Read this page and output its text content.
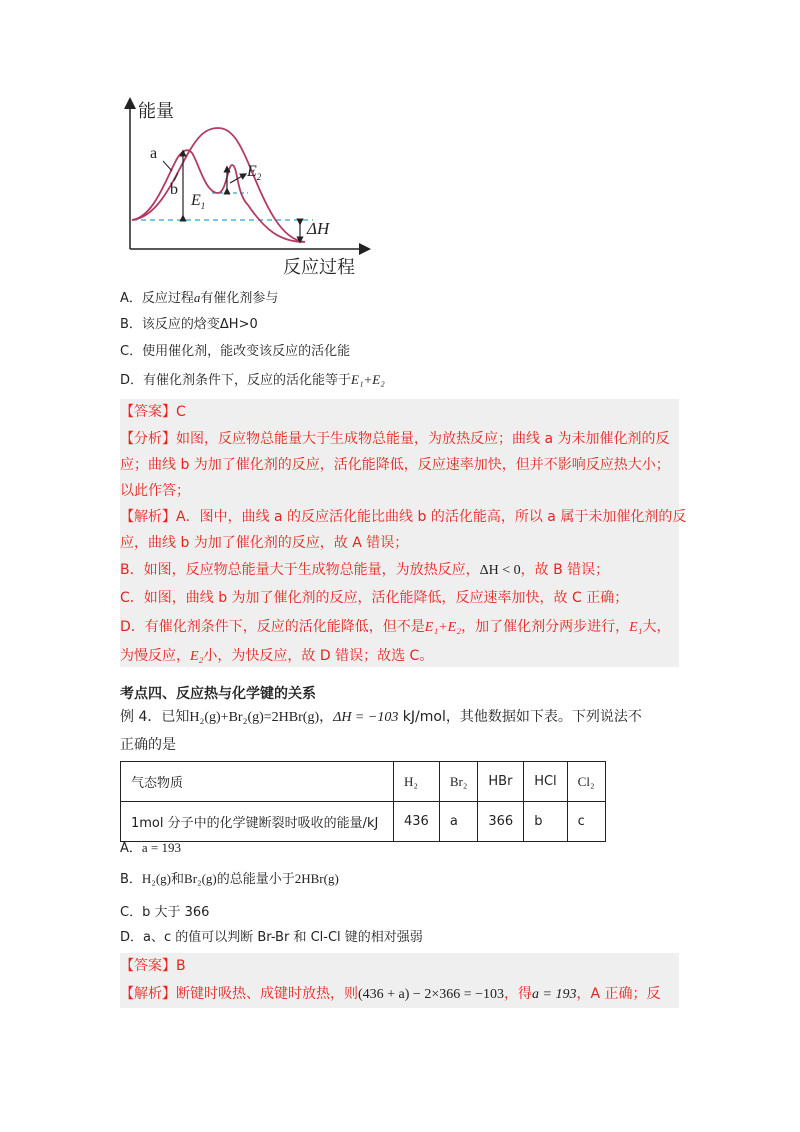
能量
反应过程
a
b
$E_1$
$E_2$
ΔH
A．反应过程a有催化剂参与
B．该反应的焓变ΔH>0
C．使用催化剂，能改变该反应的活化能
D．有催化剂条件下，反应的活化能等于E₁+E₂
【答案】C
【分析】如图，反应物总能量大于生成物总能量，为放热反应；曲线 a 为未加催化剂的反
应；曲线 b 为加了催化剂的反应，活化能降低，反应速率加快，但并不影响反应热大小；
以此作答；
【解析】A．图中，曲线 a 的反应活化能比曲线 b 的活化能高，所以 a 属于未加催化剂的反
应，曲线 b 为加了催化剂的反应，故 A 错误；
B．如图，反应物总能量大于生成物总能量，为放热反应，ΔH < 0，故 B 错误；
C．如图，曲线 b 为加了催化剂的反应，活化能降低，反应速率加快，故 C 正确；
D．有催化剂条件下，反应的活化能降低，但不是E₁+E₂，加了催化剂分两步进行，E₁大，
为慢反应，E₂小，为快反应，故 D 错误；故选 C。
考点四、反应热与化学键的关系
例 4．已知H₂(g)+Br₂(g)=2HBr(g)，ΔH = −103 kJ/mol，其他数据如下表。下列说法不
正确的是
气态物质	H₂	Br₂	HBr	HCl	Cl₂
1mol 分子中的化学键断裂时吸收的能量/kJ	436	a	366	b	c
A．a = 193
B．H₂(g)和Br₂(g)的总能量小于2HBr(g)
C．b 大于 366
D．a、c 的值可以判断 Br-Br 和 Cl-Cl 键的相对强弱
【答案】B
【解析】断键时吸热、成键时放热，则(436 + a) − 2×366 = −103，得a = 193，A 正确；反
